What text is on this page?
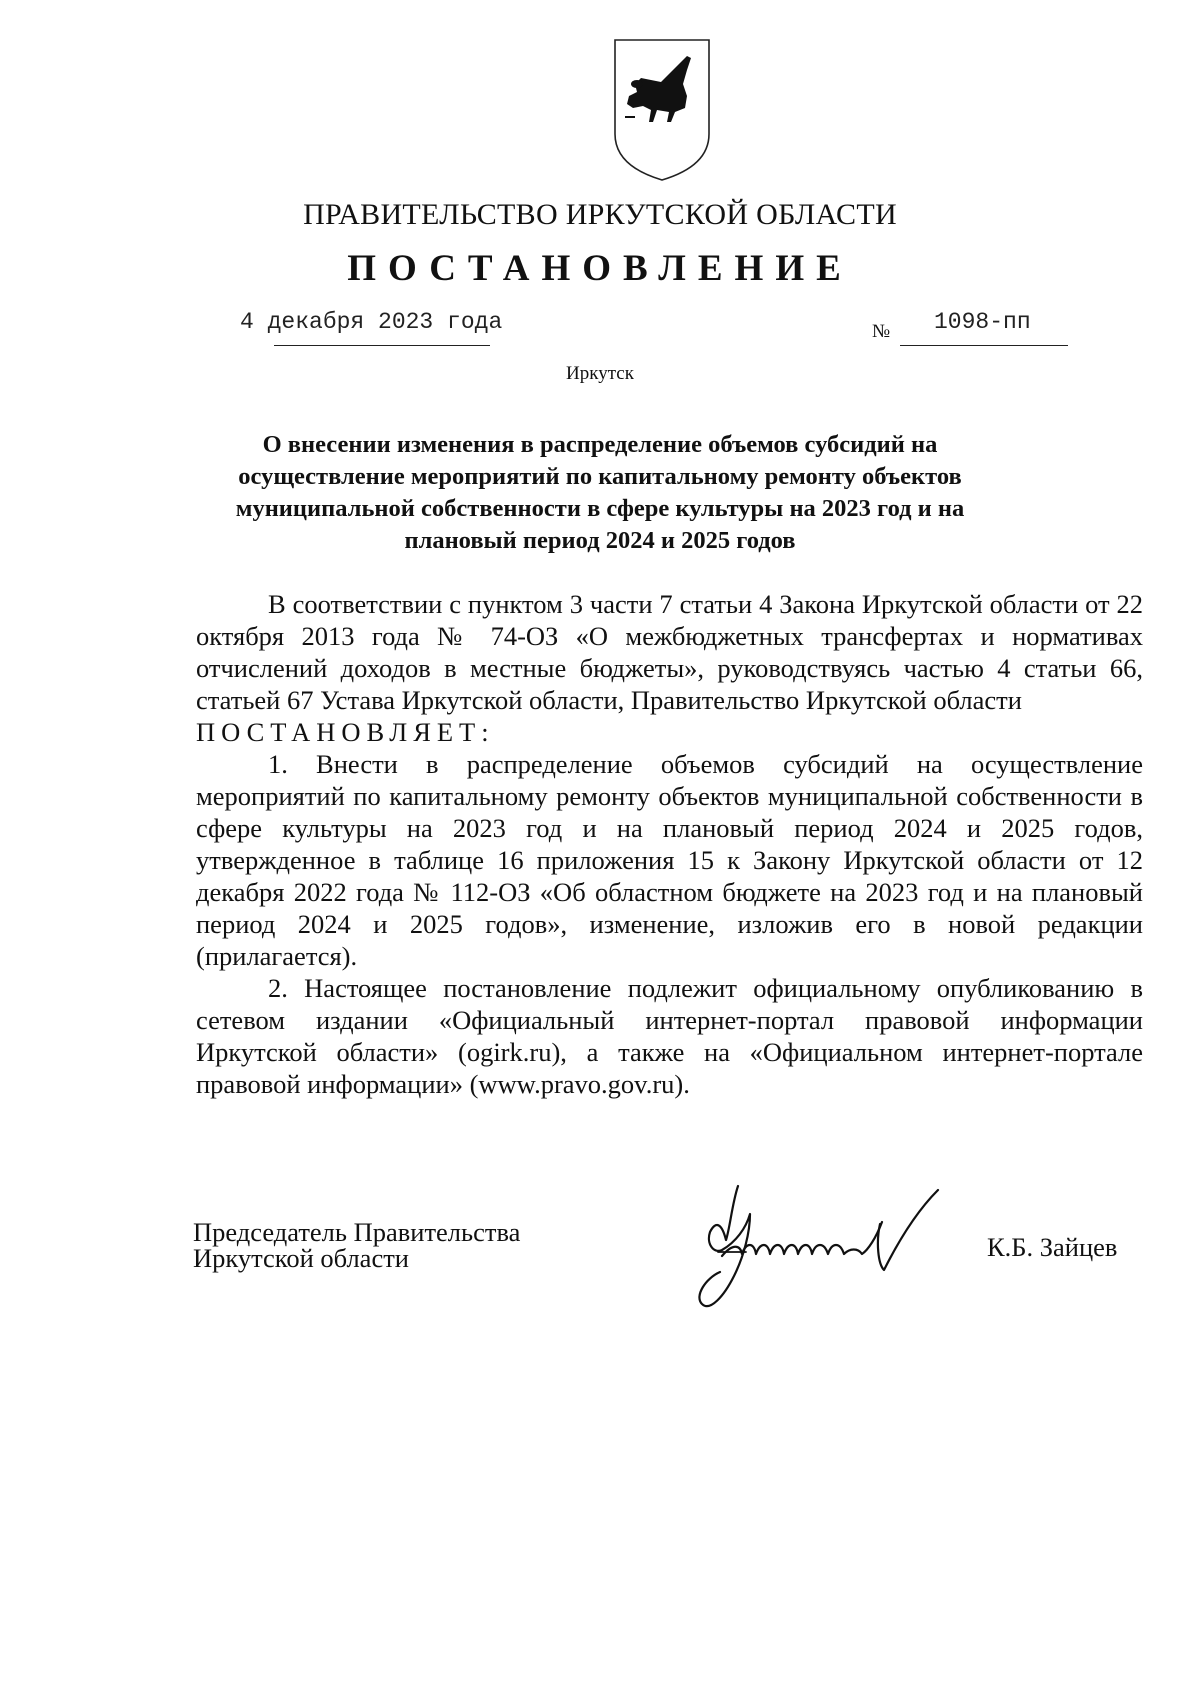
ПРАВИТЕЛЬСТВО ИРКУТСКОЙ ОБЛАСТИ
ПОСТАНОВЛЕНИЕ
4 декабря 2023 года	№ 1098-пп
Иркутск
О внесении изменения в распределение объемов субсидий на осуществление мероприятий по капитальному ремонту объектов муниципальной собственности в сфере культуры на 2023 год и на плановый период 2024 и 2025 годов

В соответствии с пунктом 3 части 7 статьи 4 Закона Иркутской области от 22 октября 2013 года № 74-ОЗ «О межбюджетных трансфертах и нормативах отчислений доходов в местные бюджеты», руководствуясь частью 4 статьи 66, статьей 67 Устава Иркутской области, Правительство Иркутской области

ПОСТАНОВЛЯЕТ:

1. Внести в распределение объемов субсидий на осуществление мероприятий по капитальному ремонту объектов муниципальной собственности в сфере культуры на 2023 год и на плановый период 2024 и 2025 годов, утвержденное в таблице 16 приложения 15 к Закону Иркутской области от 12 декабря 2022 года № 112-ОЗ «Об областном бюджете на 2023 год и на плановый период 2024 и 2025 годов», изменение, изложив его в новой редакции (прилагается).

2. Настоящее постановление подлежит официальному опубликованию в сетевом издании «Официальный интернет-портал правовой информации Иркутской области» (ogirk.ru), а также на «Официальном интернет-портале правовой информации» (www.pravo.gov.ru).

Председатель Правительства
Иркутской области	К.Б. Зайцев
